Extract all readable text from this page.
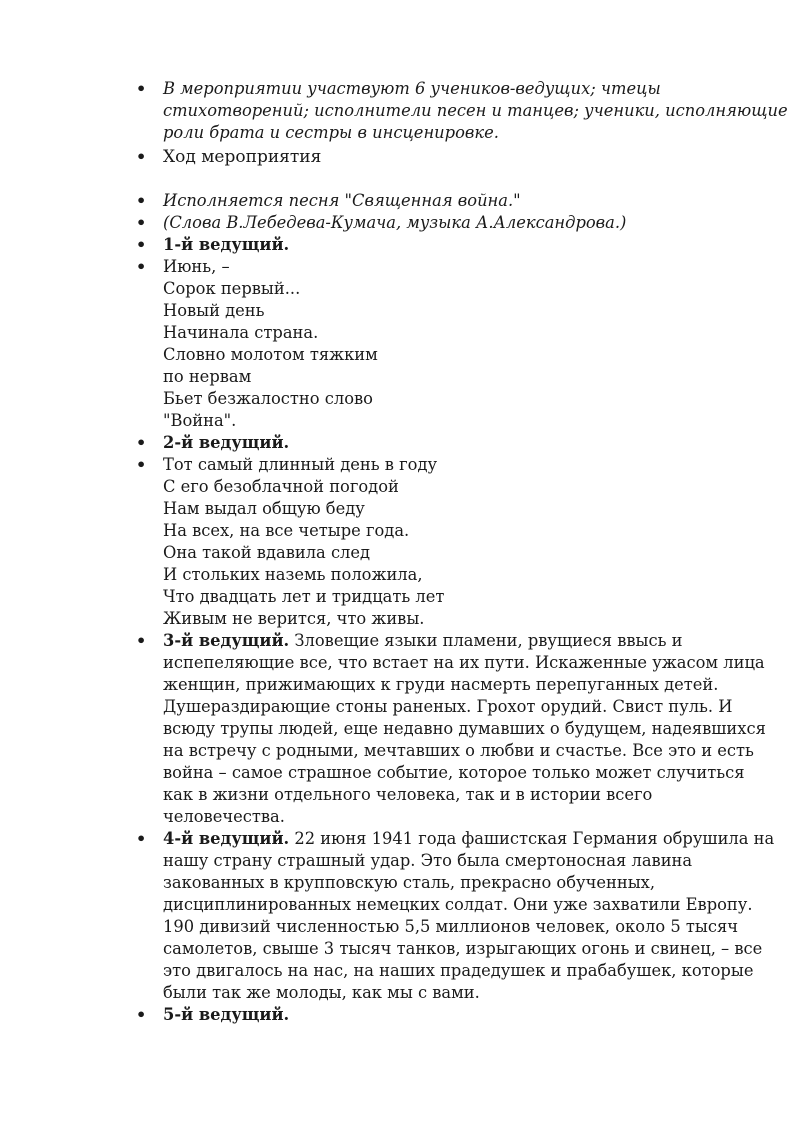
• В мероприятии участвуют 6 учеников-ведущих; чтецы
стихотворений; исполнители песен и танцев; ученики, исполняющие
роли брата и сестры в инсценировке.
• Ход мероприятия
• Исполняется песня "Священная война."
• (Слова В.Лебедева-Кумача, музыка А.Александрова.)
• 1-й ведущий.
• Июнь, –
Сорок первый...
Новый день
Начинала страна.
Словно молотом тяжким
по нервам
Бьет безжалостно слово
"Война".
• 2-й ведущий.
• Тот самый длинный день в году
С его безоблачной погодой
Нам выдал общую беду
На всех, на все четыре года.
Она такой вдавила след
И стольких наземь положила,
Что двадцать лет и тридцать лет
Живым не верится, что живы.
• 3-й ведущий. Зловещие языки пламени, рвущиеся ввысь и
испепеляющие все, что встает на их пути. Искаженные ужасом лица
женщин, прижимающих к груди насмерть перепуганных детей.
Душераздирающие стоны раненых. Грохот орудий. Свист пуль. И
всюду трупы людей, еще недавно думавших о будущем, надеявшихся
на встречу с родными, мечтавших о любви и счастье. Все это и есть
война – самое страшное событие, которое только может случиться
как в жизни отдельного человека, так и в истории всего
человечества.
• 4-й ведущий. 22 июня 1941 года фашистская Германия обрушила на
нашу страну страшный удар. Это была смертоносная лавина
закованных в крупповскую сталь, прекрасно обученных,
дисциплинированных немецких солдат. Они уже захватили Европу.
190 дивизий численностью 5,5 миллионов человек, около 5 тысяч
самолетов, свыше 3 тысяч танков, изрыгающих огонь и свинец, – все
это двигалось на нас, на наших прадедушек и прабабушек, которые
были так же молоды, как мы с вами.
• 5-й ведущий.
